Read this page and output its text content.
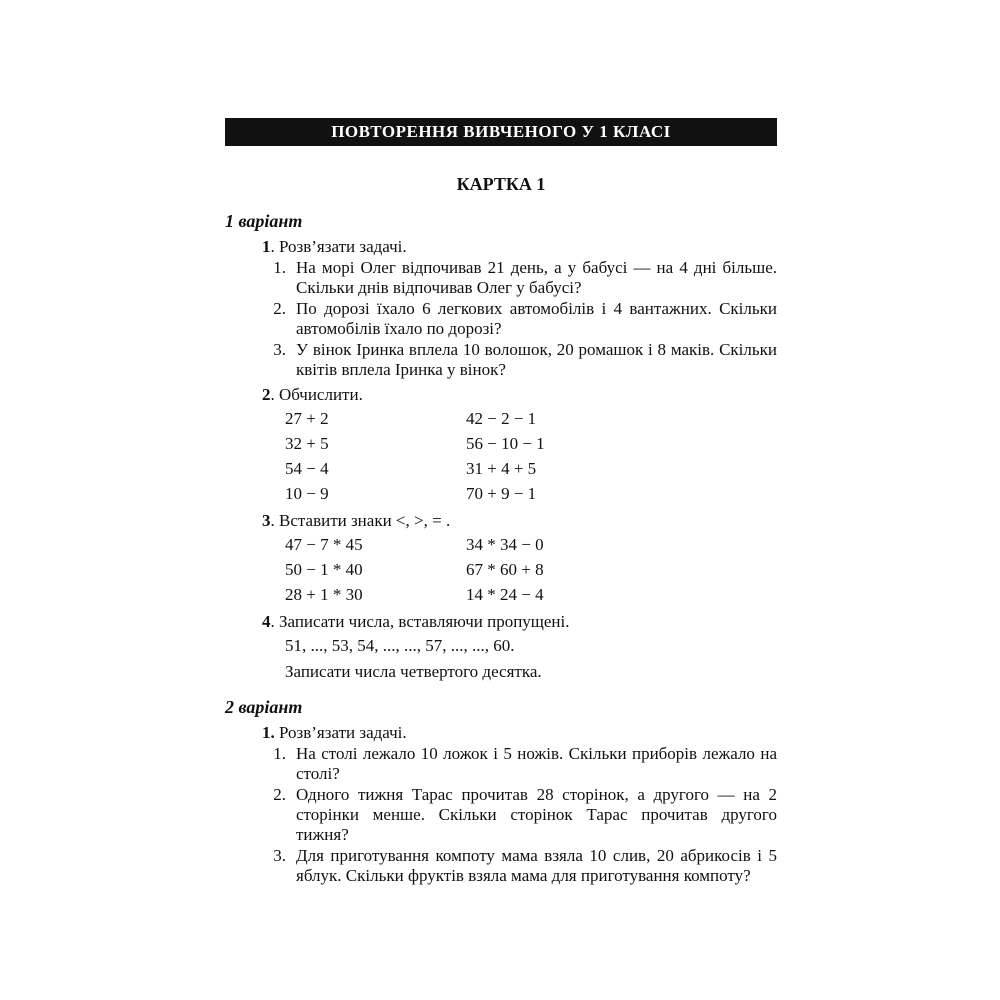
ПОВТОРЕННЯ ВИВЧЕНОГО У 1 КЛАСІ
КАРТКА 1
1 варіант
1. Розв’язати задачі.
1. На морі Олег відпочивав 21 день, а у бабусі — на 4 дні більше. Скільки днів відпочивав Олег у бабусі?
2. По дорозі їхало 6 легкових автомобілів і 4 вантажних. Скільки автомобілів їхало по дорозі?
3. У вінок Іринка вплела 10 волошок, 20 ромашок і 8 маків. Скільки квітів вплела Іринка у вінок?
2. Обчислити.
27 + 2	42 − 2 − 1
32 + 5	56 − 10 − 1
54 − 4	31 + 4 + 5
10 − 9	70 + 9 − 1
3. Вставити знаки <, >, = .
47 − 7 * 45	34 * 34 − 0
50 − 1 * 40	67 * 60 + 8
28 + 1 * 30	14 * 24 − 4
4. Записати числа, вставляючи пропущені.
51, ..., 53, 54, ..., ..., 57, ..., ..., 60.
Записати числа четвертого десятка.
2 варіант
1. Розв’язати задачі.
1. На столі лежало 10 ложок і 5 ножів. Скільки приборів лежало на столі?
2. Одного тижня Тарас прочитав 28 сторінок, а другого — на 2 сторінки менше. Скільки сторінок Тарас прочитав другого тижня?
3. Для приготування компоту мама взяла 10 слив, 20 абрикосів і 5 яблук. Скільки фруктів взяла мама для приготування компоту?
